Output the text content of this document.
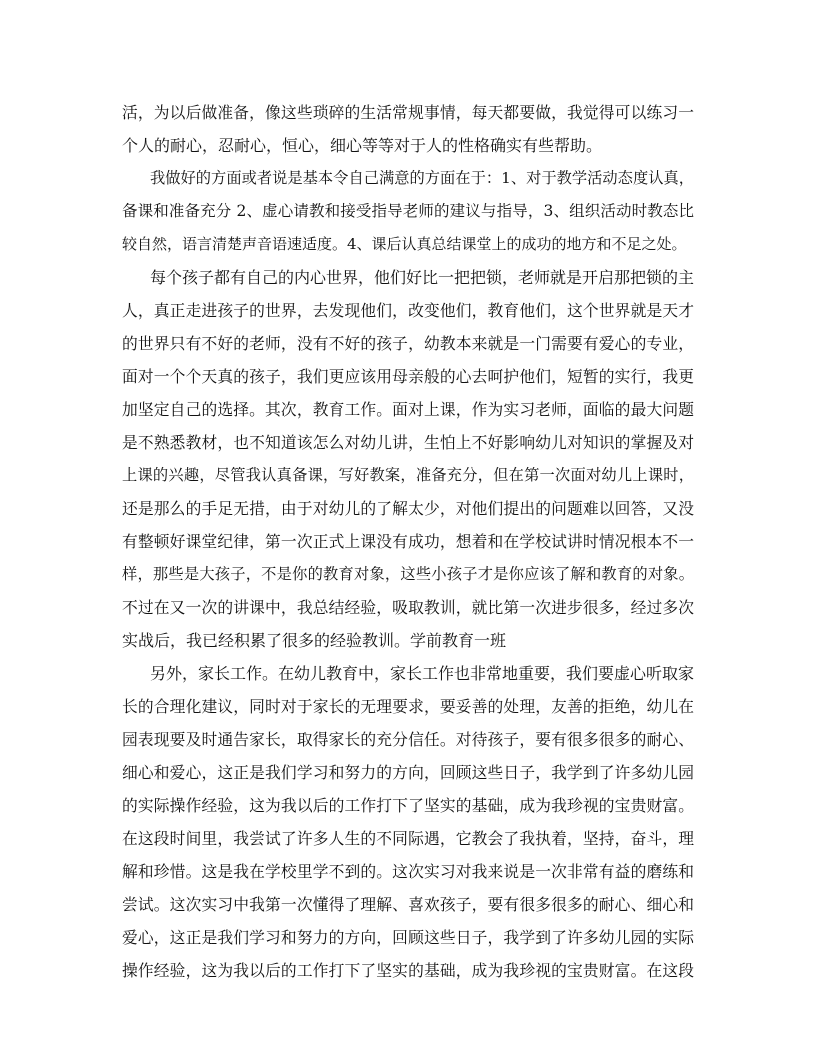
活，为以后做准备，像这些琐碎的生活常规事情，每天都要做，我觉得可以练习一
个人的耐心，忍耐心，恒心，细心等等对于人的性格确实有些帮助。
我做好的方面或者说是基本令自己满意的方面在于：1、对于教学活动态度认真，
备课和准备充分 2、虚心请教和接受指导老师的建议与指导，3、组织活动时教态比
较自然，语言清楚声音语速适度。4、课后认真总结课堂上的成功的地方和不足之处。
每个孩子都有自己的内心世界，他们好比一把把锁，老师就是开启那把锁的主
人，真正走进孩子的世界，去发现他们，改变他们，教育他们，这个世界就是天才
的世界只有不好的老师，没有不好的孩子，幼教本来就是一门需要有爱心的专业，
面对一个个天真的孩子，我们更应该用母亲般的心去呵护他们，短暂的实行，我更
加坚定自己的选择。其次，教育工作。面对上课，作为实习老师，面临的最大问题
是不熟悉教材，也不知道该怎么对幼儿讲，生怕上不好影响幼儿对知识的掌握及对
上课的兴趣，尽管我认真备课，写好教案，准备充分，但在第一次面对幼儿上课时，
还是那么的手足无措，由于对幼儿的了解太少，对他们提出的问题难以回答，又没
有整顿好课堂纪律，第一次正式上课没有成功，想着和在学校试讲时情况根本不一
样，那些是大孩子，不是你的教育对象，这些小孩子才是你应该了解和教育的对象。
不过在又一次的讲课中，我总结经验，吸取教训，就比第一次进步很多，经过多次
实战后，我已经积累了很多的经验教训。学前教育一班
另外，家长工作。在幼儿教育中，家长工作也非常地重要，我们要虚心听取家
长的合理化建议，同时对于家长的无理要求，要妥善的处理，友善的拒绝，幼儿在
园表现要及时通告家长，取得家长的充分信任。对待孩子，要有很多很多的耐心、
细心和爱心，这正是我们学习和努力的方向，回顾这些日子，我学到了许多幼儿园
的实际操作经验，这为我以后的工作打下了坚实的基础，成为我珍视的宝贵财富。
在这段时间里，我尝试了许多人生的不同际遇，它教会了我执着，坚持，奋斗，理
解和珍惜。这是我在学校里学不到的。这次实习对我来说是一次非常有益的磨练和
尝试。这次实习中我第一次懂得了理解、喜欢孩子，要有很多很多的耐心、细心和
爱心，这正是我们学习和努力的方向，回顾这些日子，我学到了许多幼儿园的实际
操作经验，这为我以后的工作打下了坚实的基础，成为我珍视的宝贵财富。在这段
